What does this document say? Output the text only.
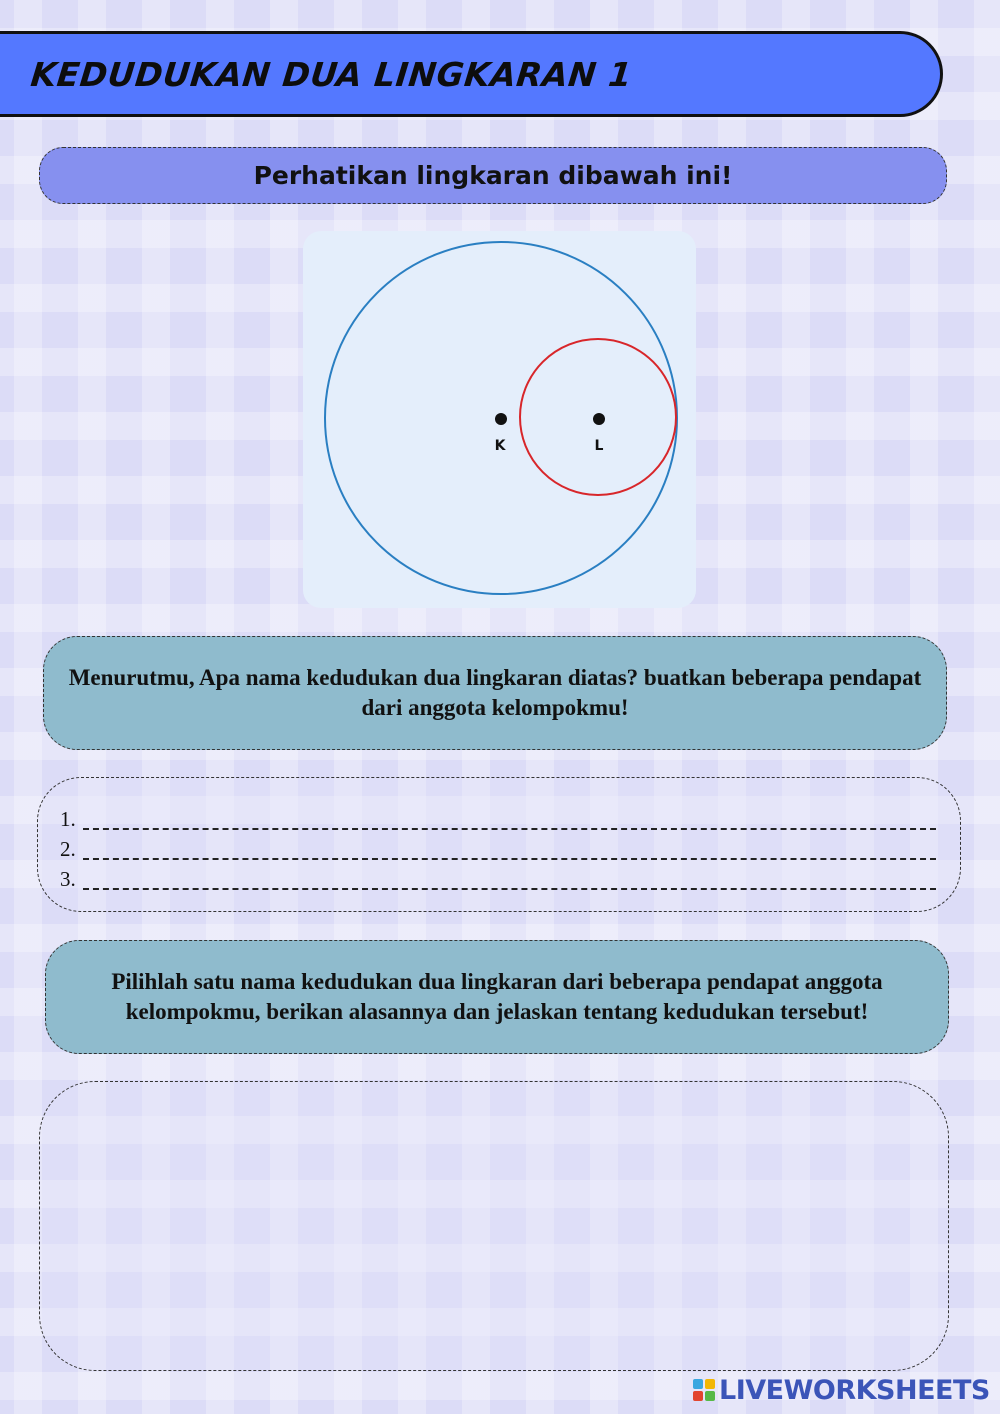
KEDUDUKAN DUA LINGKARAN 1
Perhatikan lingkaran dibawah ini!
K	L
Menurutmu, Apa nama kedudukan dua lingkaran diatas? buatkan beberapa pendapat dari anggota kelompokmu!
1.
2.
3.
Pilihlah satu nama kedudukan dua lingkaran dari beberapa pendapat anggota kelompokmu, berikan alasannya dan jelaskan tentang kedudukan tersebut!
LIVEWORKSHEETS
